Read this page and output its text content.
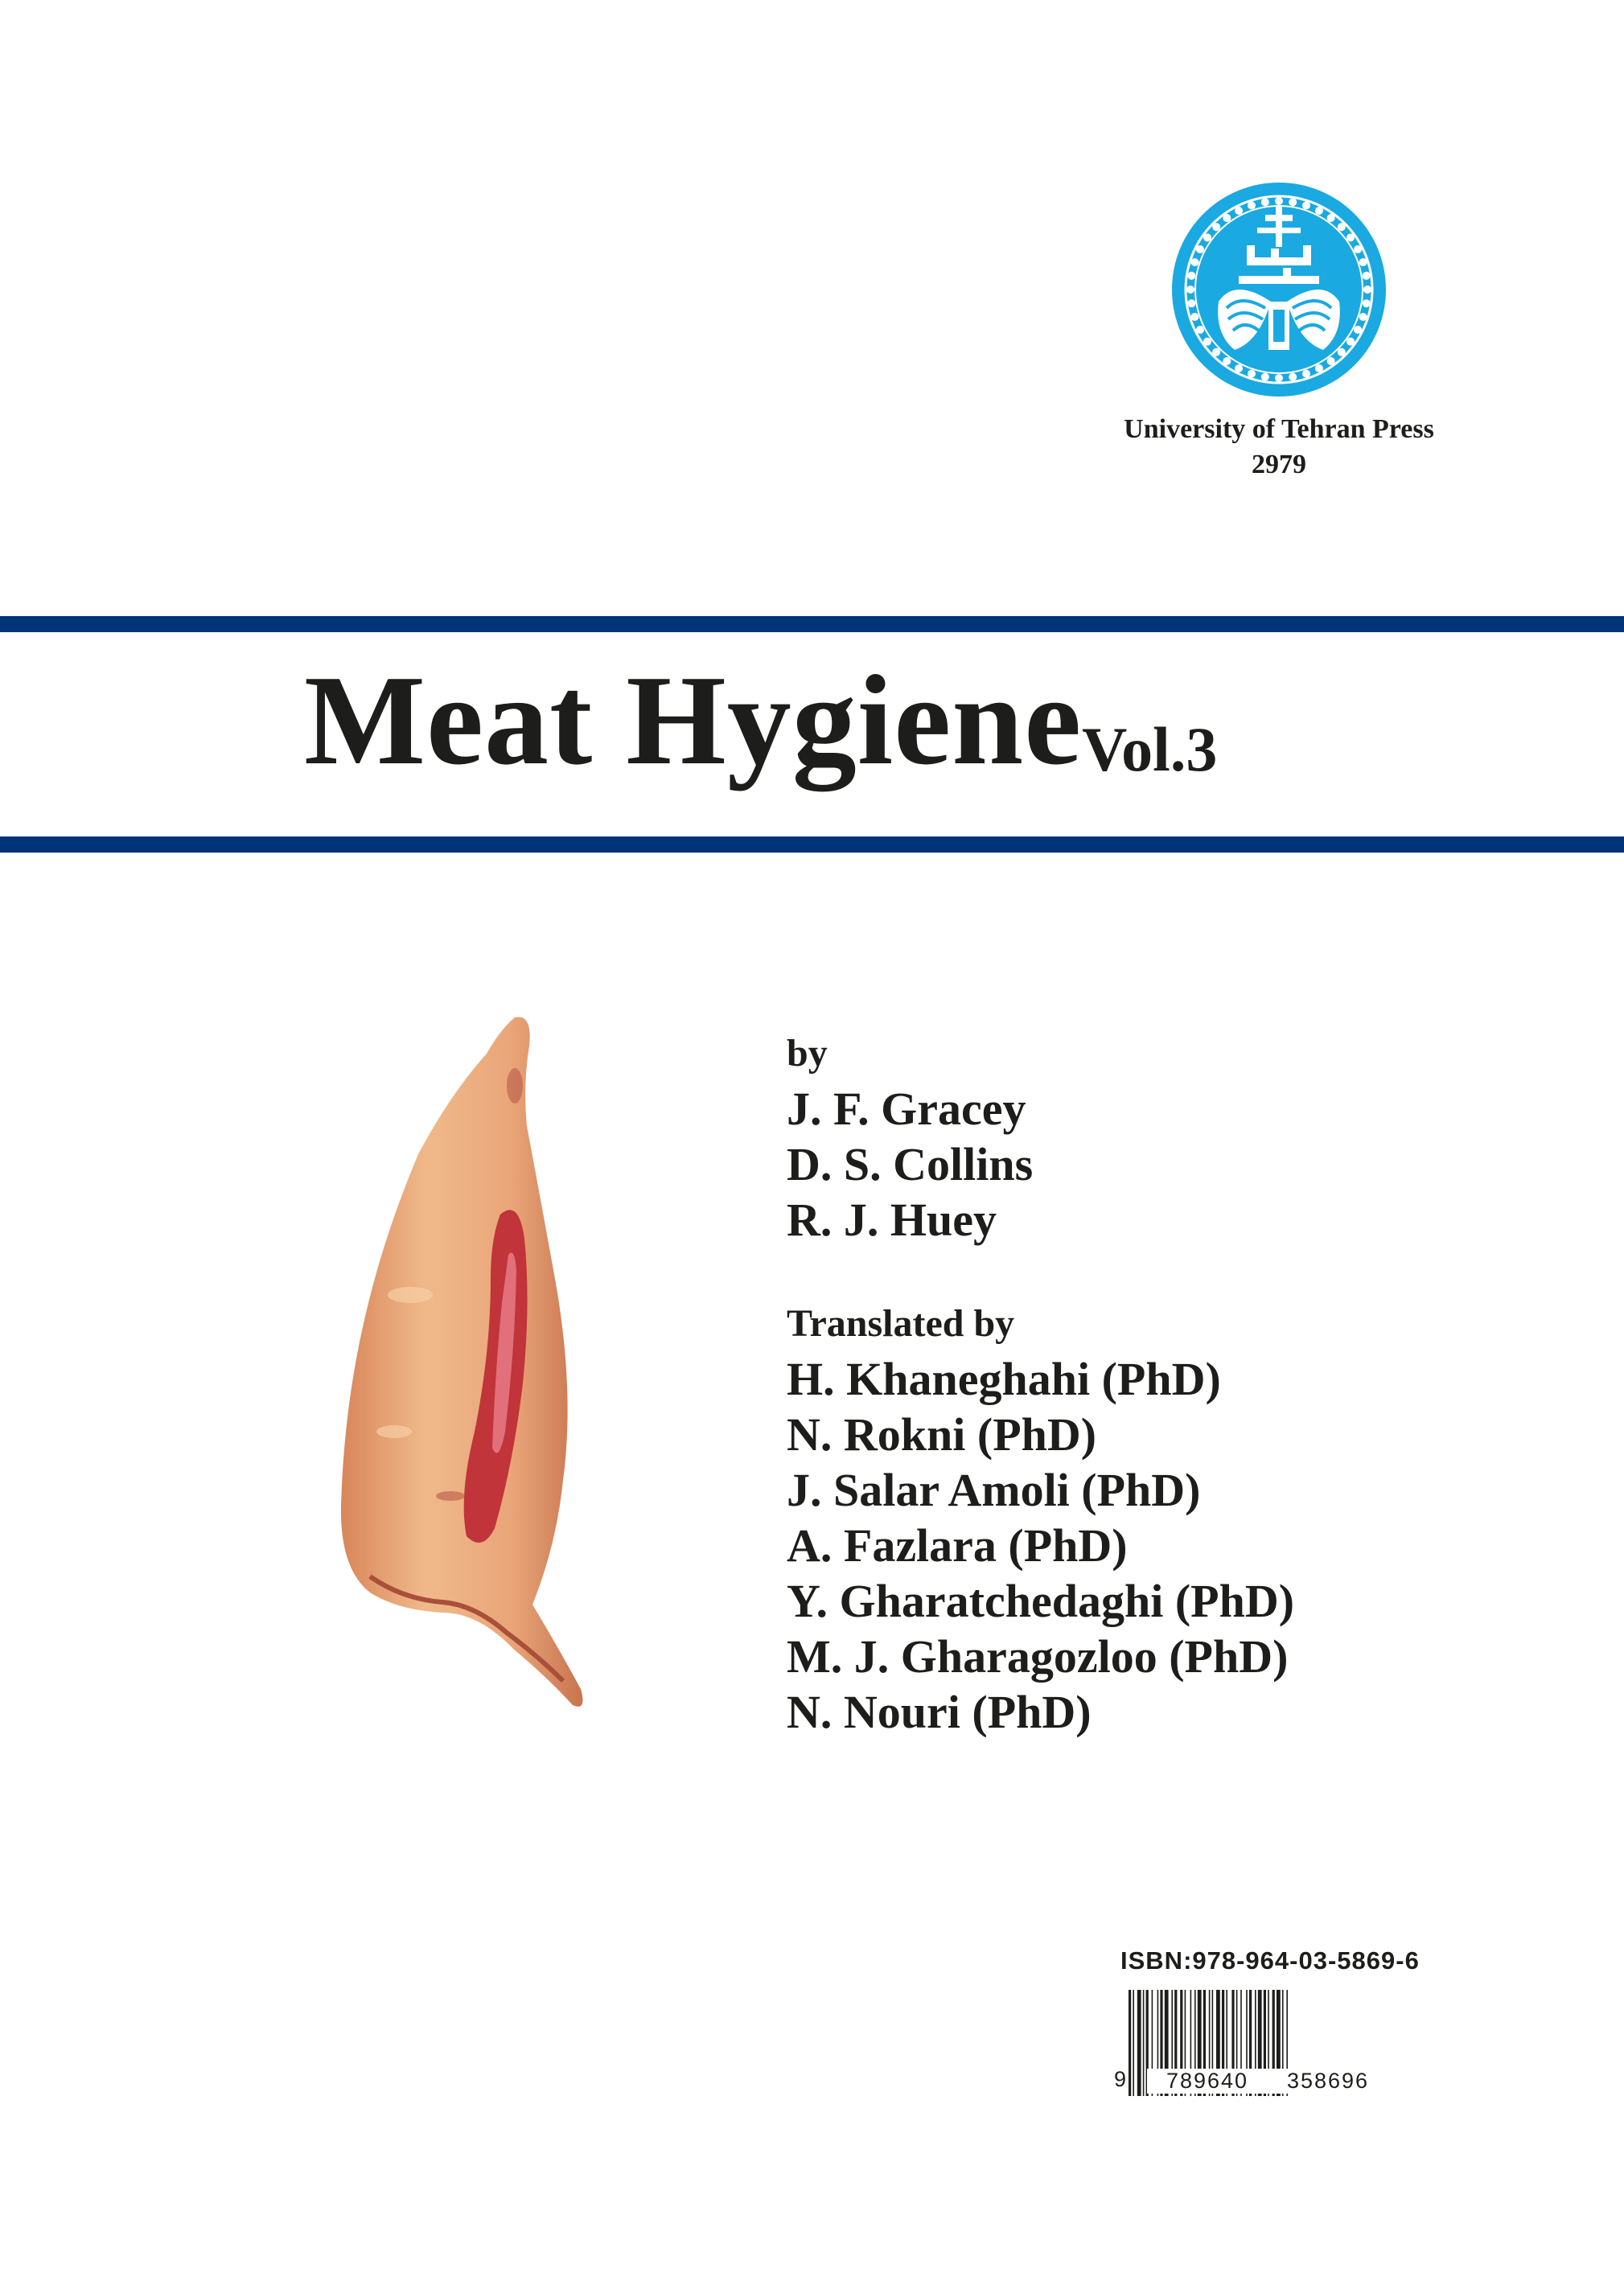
دانشگاه تهران
University of Tehran Press
2979
Meat Hygiene Vol.3
by
J. F. Gracey
D. S. Collins
R. J. Huey
Translated by
H. Khaneghahi (PhD)
N. Rokni (PhD)
J. Salar Amoli (PhD)
A. Fazlara (PhD)
Y. Gharatchedaghi (PhD)
M. J. Gharagozloo (PhD)
N. Nouri (PhD)
ISBN:978-964-03-5869-6
9	789640	358696
